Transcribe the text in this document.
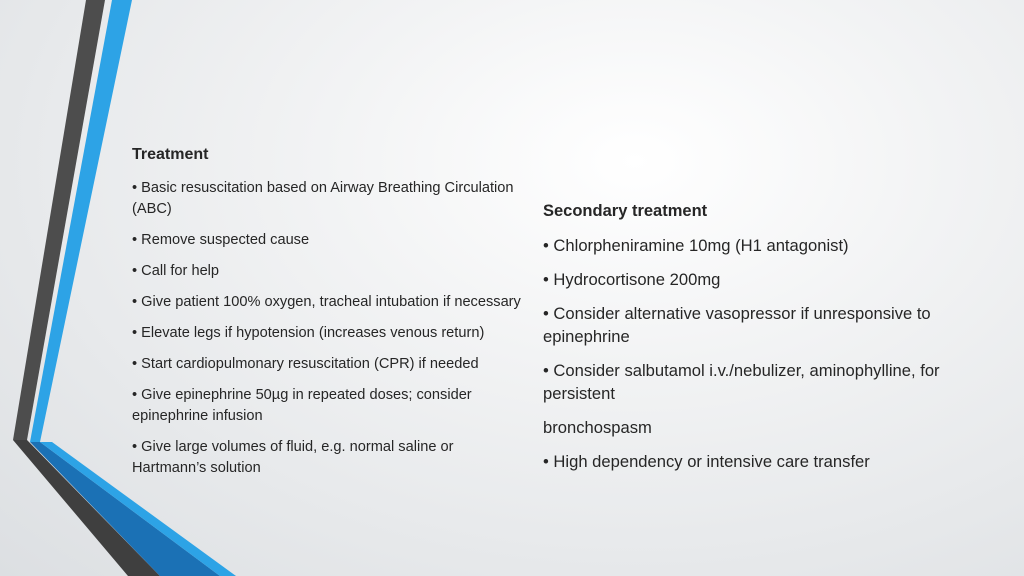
Treatment

• Basic resuscitation based on Airway Breathing Circulation (ABC)

• Remove suspected cause

• Call for help

• Give patient 100% oxygen, tracheal intubation if necessary

• Elevate legs if hypotension (increases venous return)

• Start cardiopulmonary resuscitation (CPR) if needed

• Give epinephrine 50µg in repeated doses; consider epinephrine infusion

• Give large volumes of fluid, e.g. normal saline or Hartmann’s solution

Secondary treatment

• Chlorpheniramine 10mg (H1 antagonist)

• Hydrocortisone 200mg

• Consider alternative vasopressor if unresponsive to epinephrine

• Consider salbutamol i.v./nebulizer, aminophylline, for persistent

bronchospasm

• High dependency or intensive care transfer
